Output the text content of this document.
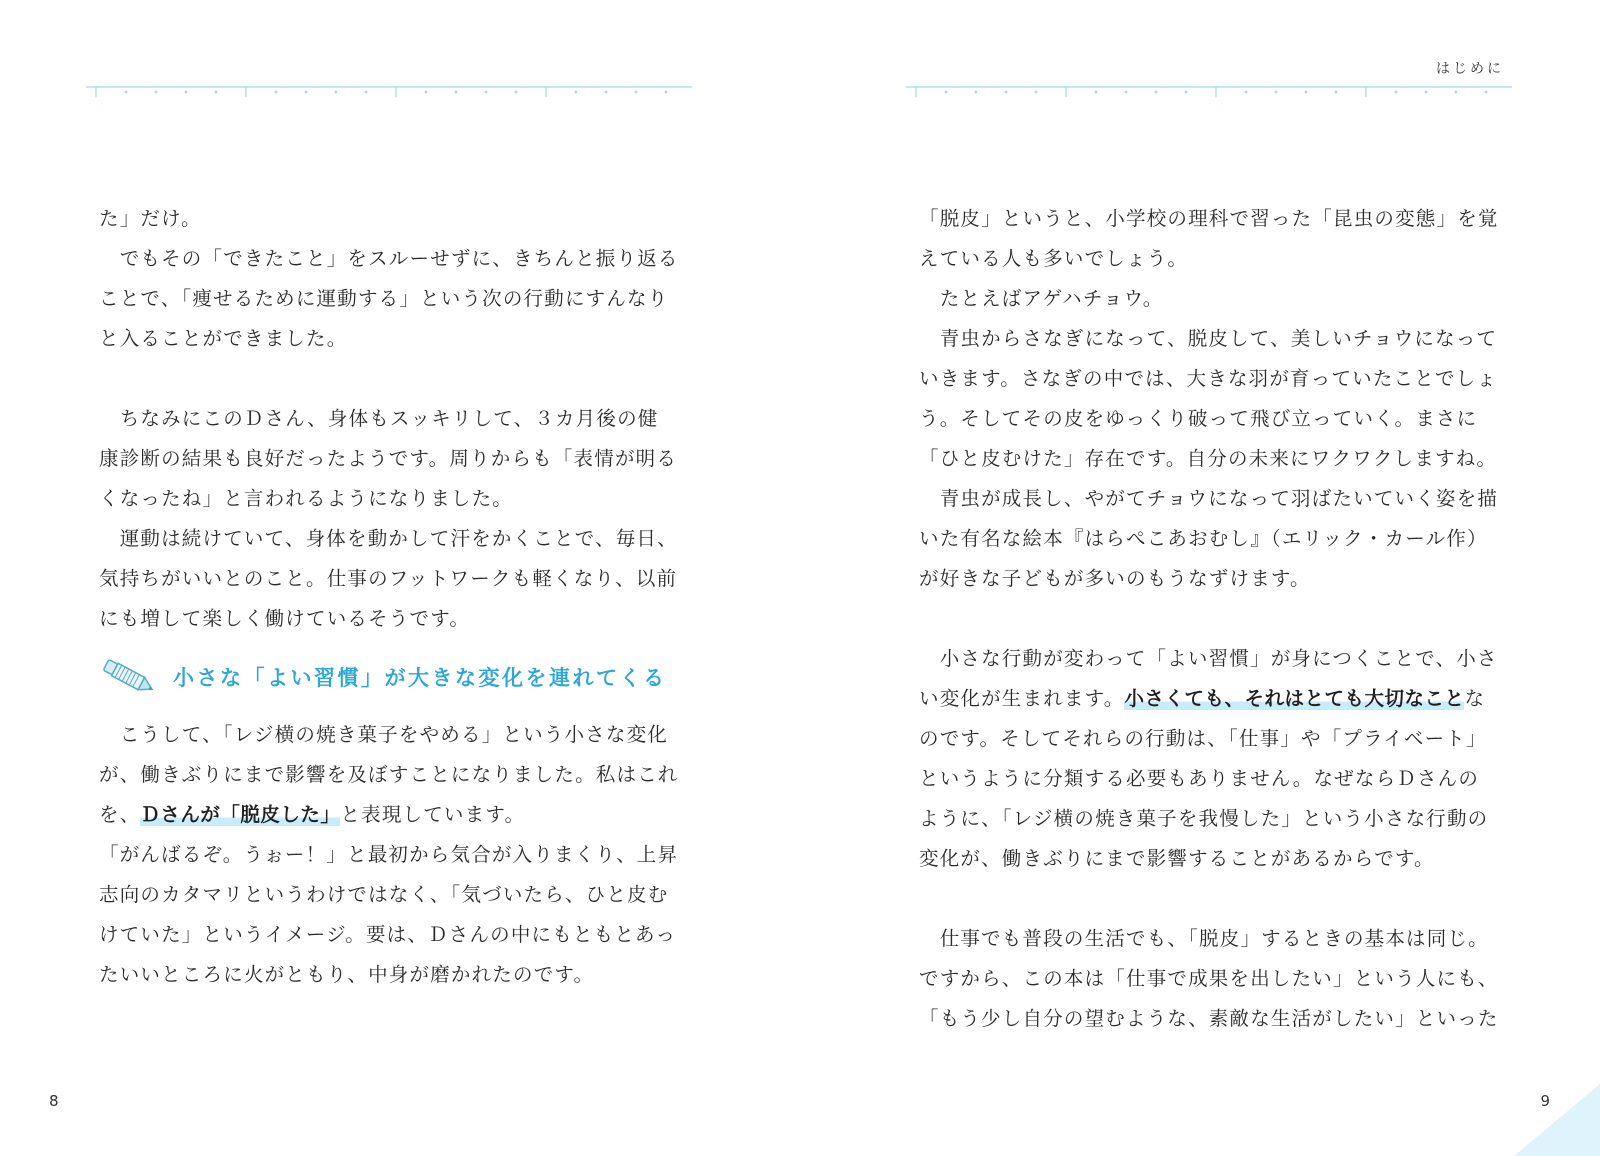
た」だけ。
　でもその「できたこと」をスルーせずに、きちんと振り返る
ことで、「痩せるために運動する」という次の行動にすんなり
と入ることができました。
　ちなみにこのＤさん、身体もスッキリして、３カ月後の健
康診断の結果も良好だったようです。周りからも「表情が明る
くなったね」と言われるようになりました。
　運動は続けていて、身体を動かして汗をかくことで、毎日、
気持ちがいいとのこと。仕事のフットワークも軽くなり、以前
にも増して楽しく働けているそうです。
小さな「よい習慣」が大きな変化を連れてくる
　こうして、「レジ横の焼き菓子をやめる」という小さな変化
が、働きぶりにまで影響を及ぼすことになりました。私はこれ
を、Ｄさんが「脱皮した」と表現しています。
「がんばるぞ。うぉー！」と最初から気合が入りまくり、上昇
志向のカタマリというわけではなく、「気づいたら、ひと皮む
けていた」というイメージ。要は、Ｄさんの中にもともとあっ
たいいところに火がともり、中身が磨かれたのです。
8
はじめに
「脱皮」というと、小学校の理科で習った「昆虫の変態」を覚
えている人も多いでしょう。
　たとえばアゲハチョウ。
　青虫からさなぎになって、脱皮して、美しいチョウになって
いきます。さなぎの中では、大きな羽が育っていたことでしょ
う。そしてその皮をゆっくり破って飛び立っていく。まさに
「ひと皮むけた」存在です。自分の未来にワクワクしますね。
　青虫が成長し、やがてチョウになって羽ばたいていく姿を描
いた有名な絵本『はらぺこあおむし』（エリック・カール作）
が好きな子どもが多いのもうなずけます。
　小さな行動が変わって「よい習慣」が身につくことで、小さ
い変化が生まれます。小さくても、それはとても大切なことな
のです。そしてそれらの行動は、「仕事」や「プライベート」
というように分類する必要もありません。なぜならＤさんの
ように、「レジ横の焼き菓子を我慢した」という小さな行動の
変化が、働きぶりにまで影響することがあるからです。
　仕事でも普段の生活でも、「脱皮」するときの基本は同じ。
ですから、この本は「仕事で成果を出したい」という人にも、
「もう少し自分の望むような、素敵な生活がしたい」といった
9
